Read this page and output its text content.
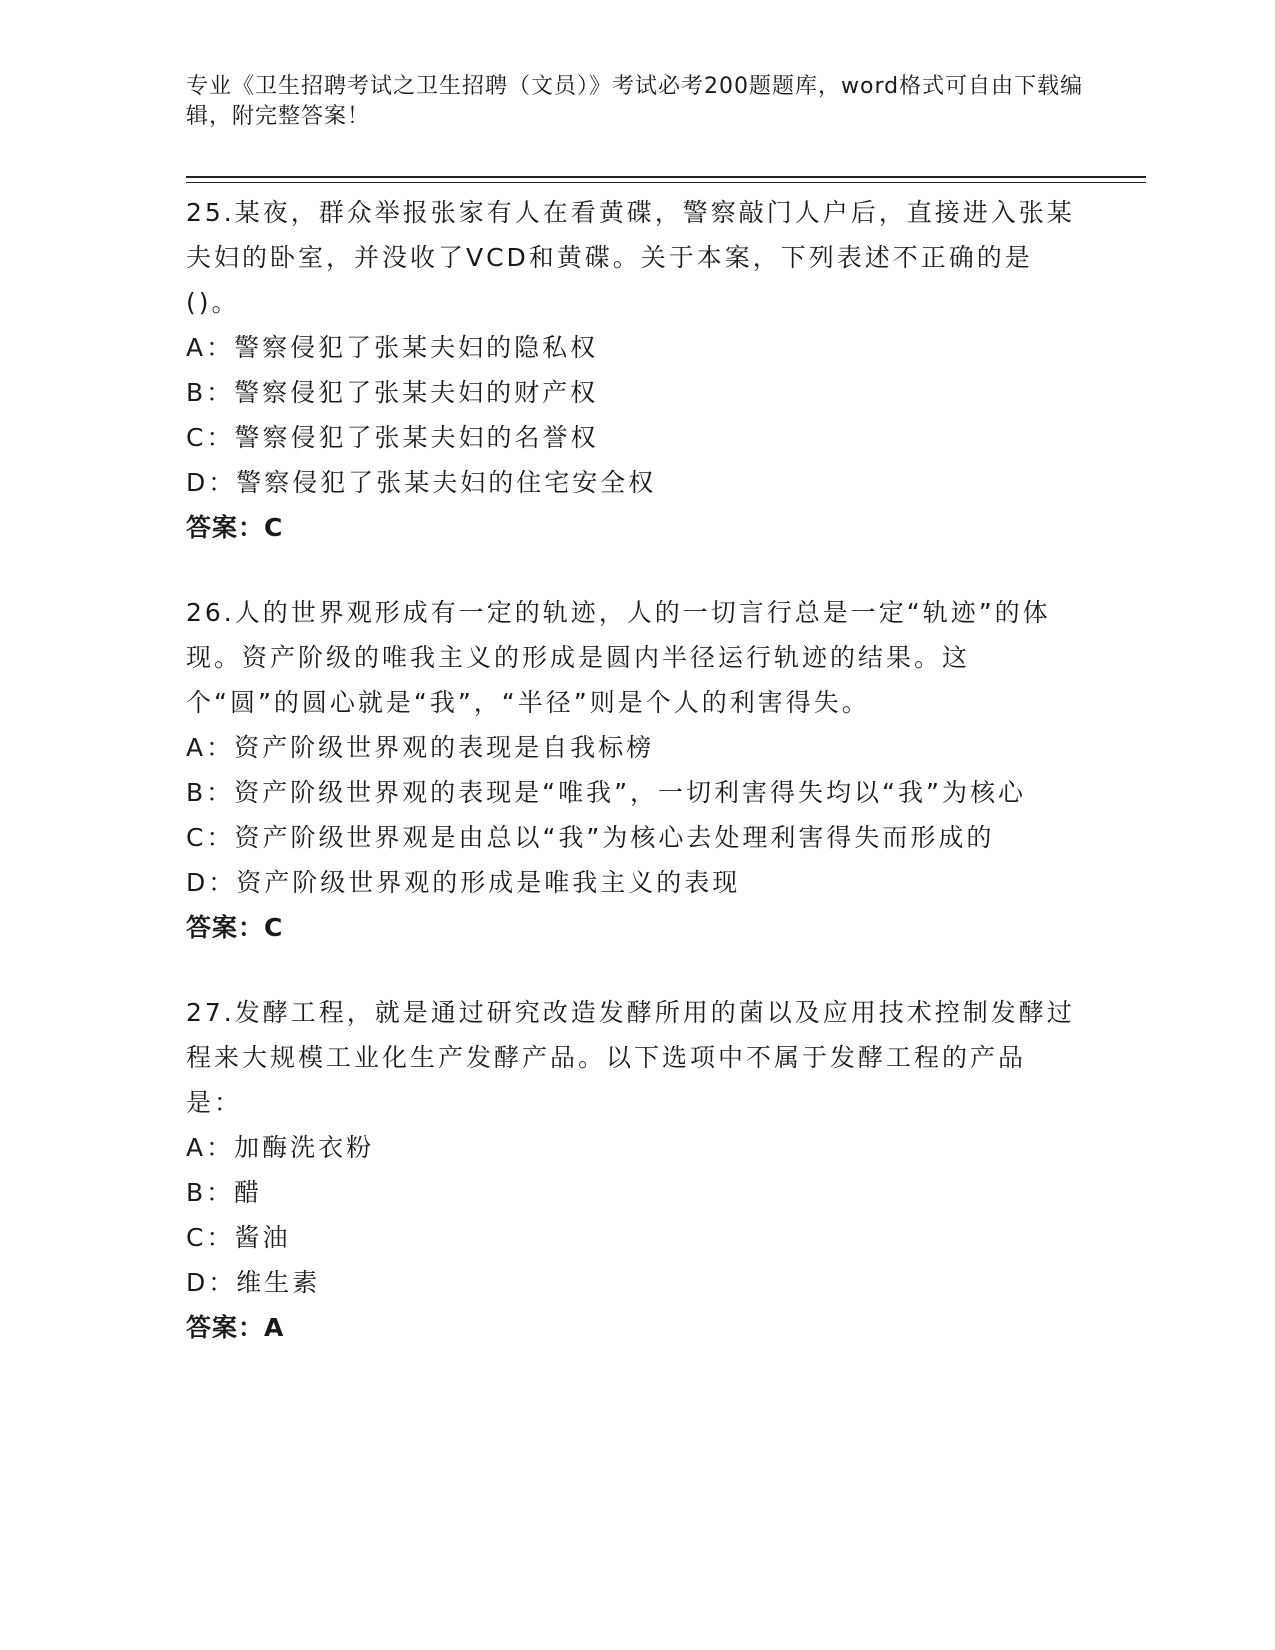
专业《卫生招聘考试之卫生招聘（文员）》考试必考200题题库，word格式可自由下载编辑，附完整答案！

25.某夜，群众举报张家有人在看黄碟，警察敲门人户后，直接进入张某夫妇的卧室，并没收了VCD和黄碟。关于本案，下列表述不正确的是()。

A：警察侵犯了张某夫妇的隐私权

B：警察侵犯了张某夫妇的财产权

C：警察侵犯了张某夫妇的名誉权

D：警察侵犯了张某夫妇的住宅安全权

答案：C

26.人的世界观形成有一定的轨迹，人的一切言行总是一定“轨迹”的体现。资产阶级的唯我主义的形成是圆内半径运行轨迹的结果。这个“圆”的圆心就是“我”，“半径”则是个人的利害得失。

A：资产阶级世界观的表现是自我标榜

B：资产阶级世界观的表现是“唯我”，一切利害得失均以“我”为核心

C：资产阶级世界观是由总以“我”为核心去处理利害得失而形成的

D：资产阶级世界观的形成是唯我主义的表现

答案：C

27.发酵工程，就是通过研究改造发酵所用的菌以及应用技术控制发酵过程来大规模工业化生产发酵产品。以下选项中不属于发酵工程的产品是：

A：加酶洗衣粉

B：醋

C：酱油

D：维生素

答案：A
